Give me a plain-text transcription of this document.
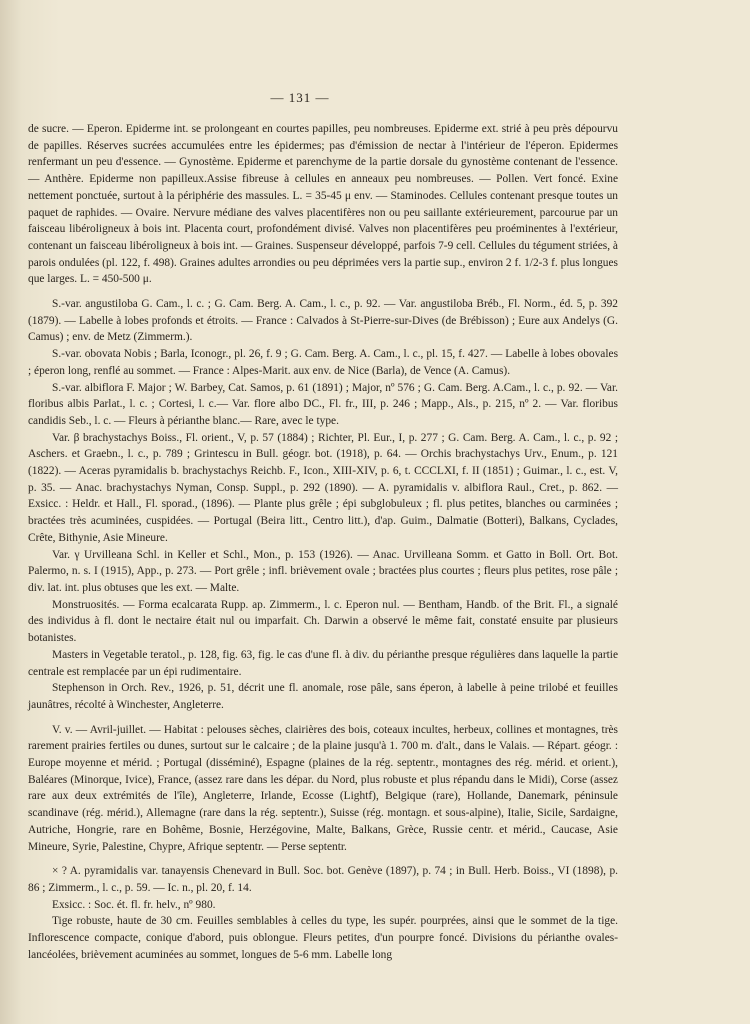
— 131 —

de sucre. — Eperon. Epiderme int. se prolongeant en courtes papilles, peu nombreuses. Epiderme ext. strié à peu près dépourvu de papilles. Réserves sucrées accumulées entre les épidermes; pas d'émission de nectar à l'intérieur de l'éperon. Epidermes renfermant un peu d'essence. — Gynostème. Epiderme et parenchyme de la partie dorsale du gynostème contenant de l'essence. — Anthère. Epiderme non papilleux.Assise fibreuse à cellules en anneaux peu nombreuses. — Pollen. Vert foncé. Exine nettement ponctuée, surtout à la périphérie des massules. L. = 35-45 μ env. — Staminodes. Cellules contenant presque toutes un paquet de raphides. — Ovaire. Nervure médiane des valves placentifères non ou peu saillante extérieurement, parcourue par un faisceau libéroligneux à bois int. Placenta court, profondément divisé. Valves non placentifères peu proéminentes à l'extérieur, contenant un faisceau libéroligneux à bois int. — Graines. Suspenseur développé, parfois 7-9 cell. Cellules du tégument striées, à parois ondulées (pl. 122, f. 498). Graines adultes arrondies ou peu déprimées vers la partie sup., environ 2 f. 1/2-3 f. plus longues que larges. L. = 450-500 μ.

S.-var. angustiloba G. Cam., l. c. ; G. Cam. Berg. A. Cam., l. c., p. 92. — Var. angustiloba Bréb., Fl. Norm., éd. 5, p. 392 (1879). — Labelle à lobes profonds et étroits. — France : Calvados à St-Pierre-sur-Dives (de Brébisson) ; Eure aux Andelys (G. Camus) ; env. de Metz (Zimmerm.).

S.-var. obovata Nobis ; Barla, Iconogr., pl. 26, f. 9 ; G. Cam. Berg. A. Cam., l. c., pl. 15, f. 427. — Labelle à lobes obovales ; éperon long, renflé au sommet. — France : Alpes-Marit. aux env. de Nice (Barla), de Vence (A. Camus).

S.-var. albiflora F. Major ; W. Barbey, Cat. Samos, p. 61 (1891) ; Major, nº 576 ; G. Cam. Berg. A.Cam., l. c., p. 92. — Var. floribus albis Parlat., l. c. ; Cortesi, l. c.— Var. flore albo DC., Fl. fr., III, p. 246 ; Mapp., Als., p. 215, nº 2. — Var. floribus candidis Seb., l. c. — Fleurs à périanthe blanc.— Rare, avec le type.

Var. β brachystachys Boiss., Fl. orient., V, p. 57 (1884) ; Richter, Pl. Eur., I, p. 277 ; G. Cam. Berg. A. Cam., l. c., p. 92 ; Aschers. et Graebn., l. c., p. 789 ; Grintescu in Bull. géogr. bot. (1918), p. 64. — Orchis brachystachys Urv., Enum., p. 121 (1822). — Aceras pyramidalis b. brachystachys Reichb. F., Icon., XIII-XIV, p. 6, t. CCCLXI, f. II (1851) ; Guimar., l. c., est. V, p. 35. — Anac. brachystachys Nyman, Consp. Suppl., p. 292 (1890). — A. pyramidalis v. albiflora Raul., Cret., p. 862. — Exsicc. : Heldr. et Hall., Fl. sporad., (1896). — Plante plus grêle ; épi subglobuleux ; fl. plus petites, blanches ou carminées ; bractées très acuminées, cuspidées. — Portugal (Beira litt., Centro litt.), d'ap. Guim., Dalmatie (Botteri), Balkans, Cyclades, Crête, Bithynie, Asie Mineure.

Var. γ Urvilleana Schl. in Keller et Schl., Mon., p. 153 (1926). — Anac. Urvilleana Somm. et Gatto in Boll. Ort. Bot. Palermo, n. s. I (1915), App., p. 273. — Port grêle ; infl. brièvement ovale ; bractées plus courtes ; fleurs plus petites, rose pâle ; div. lat. int. plus obtuses que les ext. — Malte.

Monstruosités. — Forma ecalcarata Rupp. ap. Zimmerm., l. c. Eperon nul. — Bentham, Handb. of the Brit. Fl., a signalé des individus à fl. dont le nectaire était nul ou imparfait. Ch. Darwin a observé le même fait, constaté ensuite par plusieurs botanistes.

Masters in Vegetable teratol., p. 128, fig. 63, fig. le cas d'une fl. à div. du périanthe presque régulières dans laquelle la partie centrale est remplacée par un épi rudimentaire.

Stephenson in Orch. Rev., 1926, p. 51, décrit une fl. anomale, rose pâle, sans éperon, à labelle à peine trilobé et feuilles jaunâtres, récolté à Winchester, Angleterre.

V. v. — Avril-juillet. — Habitat : pelouses sèches, clairières des bois, coteaux incultes, herbeux, collines et montagnes, très rarement prairies fertiles ou dunes, surtout sur le calcaire ; de la plaine jusqu'à 1. 700 m. d'alt., dans le Valais. — Répart. géogr. : Europe moyenne et mérid. ; Portugal (disséminé), Espagne (plaines de la rég. septentr., montagnes des rég. mérid. et orient.), Baléares (Minorque, Ivice), France, (assez rare dans les dépar. du Nord, plus robuste et plus répandu dans le Midi), Corse (assez rare aux deux extrémités de l'île), Angleterre, Irlande, Ecosse (Lightf), Belgique (rare), Hollande, Danemark, péninsule scandinave (rég. mérid.), Allemagne (rare dans la rég. septentr.), Suisse (rég. montagn. et sous-alpine), Italie, Sicile, Sardaigne, Autriche, Hongrie, rare en Bohême, Bosnie, Herzégovine, Malte, Balkans, Grèce, Russie centr. et mérid., Caucase, Asie Mineure, Syrie, Palestine, Chypre, Afrique septentr. — Perse septentr.

× ? A. pyramidalis var. tanayensis Chenevard in Bull. Soc. bot. Genève (1897), p. 74 ; in Bull. Herb. Boiss., VI (1898), p. 86 ; Zimmerm., l. c., p. 59. — Ic. n., pl. 20, f. 14.

Exsicc. : Soc. ét. fl. fr. helv., nº 980.

Tige robuste, haute de 30 cm. Feuilles semblables à celles du type, les supér. pourprées, ainsi que le sommet de la tige. Inflorescence compacte, conique d'abord, puis oblongue. Fleurs petites, d'un pourpre foncé. Divisions du périanthe ovales-lancéolées, brièvement acuminées au sommet, longues de 5-6 mm. Labelle long
